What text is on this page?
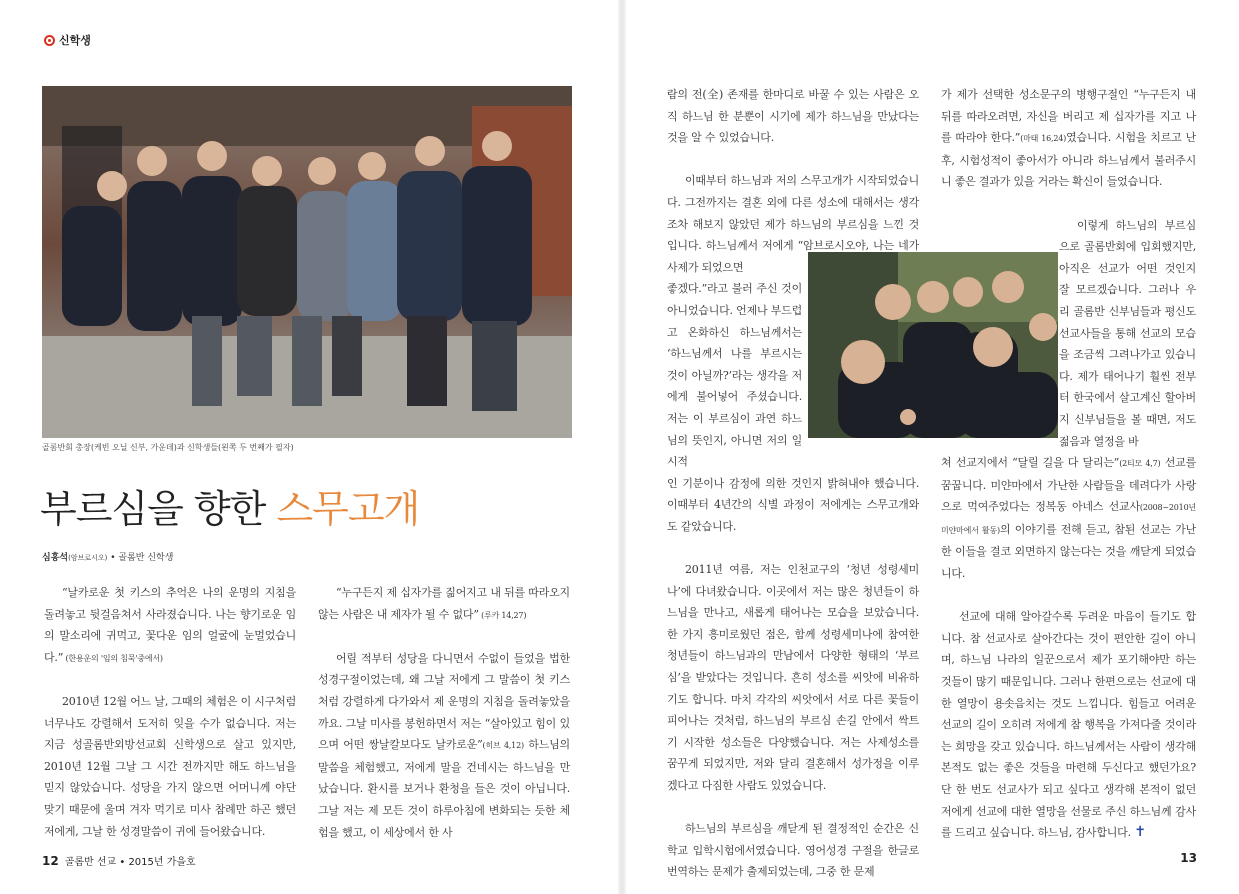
신학생
골롬반회 총장(케빈 오닐 신부, 가운데)과 신학생들(왼쪽 두 번째가 필자)
부르심을 향한 스무고개
심홍석(암브로시오) • 골롬반 신학생

“날카로운 첫 키스의 추억은 나의 운명의 지침을 돌려놓고 뒷걸음쳐서 사라졌습니다. 나는 향기로운 임의 말소리에 귀먹고, 꽃다운 임의 얼굴에 눈멀었습니다.” (한용운의 '임의 침묵'중에서)

2010년 12월 어느 날, 그때의 체험은 이 시구처럼 너무나도 강렬해서 도저히 잊을 수가 없습니다. 저는 지금 성골롬반외방선교회 신학생으로 살고 있지만, 2010년 12월 그날 그 시간 전까지만 해도 하느님을 믿지 않았습니다. 성당을 가지 않으면 어머니께 야단맞기 때문에 울며 겨자 먹기로 미사 참례만 하곤 했던 저에게, 그날 한 성경말씀이 귀에 들어왔습니다.

“누구든지 제 십자가를 짊어지고 내 뒤를 따라오지 않는 사람은 내 제자가 될 수 없다” (루카 14,27)

어릴 적부터 성당을 다니면서 수없이 들었을 법한 성경구절이었는데, 왜 그날 저에게 그 말씀이 첫 키스처럼 강렬하게 다가와서 제 운명의 지침을 돌려놓았을까요. 그날 미사를 봉헌하면서 저는 “살아있고 힘이 있으며 어떤 쌍날칼보다도 날카로운”(히브 4,12) 하느님의 말씀을 체험했고, 저에게 말을 건네시는 하느님을 만났습니다. 환시를 보거나 환청을 들은 것이 아닙니다. 그날 저는 제 모든 것이 하루아침에 변화되는 듯한 체험을 했고, 이 세상에서 한 사

람의 전(全) 존재를 한마디로 바꿀 수 있는 사람은 오직 하느님 한 분뿐이 시기에 제가 하느님을 만났다는 것을 알 수 있었습니다.

이때부터 하느님과 저의 스무고개가 시작되었습니다. 그전까지는 결혼 외에 다른 성소에 대해서는 생각조차 해보지 않았던 제가 하느님의 부르심을 느낀 것입니다. 하느님께서 저에게 “암브로시오야, 나는 네가 사제가 되었으면

좋겠다.”라고 불러 주신 것이 아니었습니다. 언제나 부드럽고 온화하신 하느님께서는 ‘하느님께서 나를 부르시는 것이 아닐까?’라는 생각을 저에게 불어넣어 주셨습니다. 저는 이 부르심이 과연 하느님의 뜻인지, 아니면 저의 일시적

인 기분이나 감정에 의한 것인지 밝혀내야 했습니다. 이때부터 4년간의 식별 과정이 저에게는 스무고개와도 같았습니다.

2011년 여름, 저는 인천교구의 ‘청년 성령세미나’에 다녀왔습니다. 이곳에서 저는 많은 청년들이 하느님을 만나고, 새롭게 태어나는 모습을 보았습니다. 한 가지 흥미로웠던 점은, 함께 성령세미나에 참여한 청년들이 하느님과의 만남에서 다양한 형태의 ‘부르심’을 받았다는 것입니다. 흔히 성소를 씨앗에 비유하기도 합니다. 마치 각각의 씨앗에서 서로 다른 꽃들이 피어나는 것처럼, 하느님의 부르심 손길 안에서 싹트기 시작한 성소들은 다양했습니다. 저는 사제성소를 꿈꾸게 되었지만, 저와 달리 결혼해서 성가정을 이루겠다고 다짐한 사람도 있었습니다.

하느님의 부르심을 깨닫게 된 결정적인 순간은 신학교 입학시험에서였습니다. 영어성경 구절을 한글로 번역하는 문제가 출제되었는데, 그중 한 문제

가 제가 선택한 성소문구의 병행구절인 “누구든지 내 뒤를 따라오려면, 자신을 버리고 제 십자가를 지고 나를 따라야 한다.”(마태 16,24)였습니다. 시험을 치르고 난 후, 시험성적이 좋아서가 아니라 하느님께서 불러주시니 좋은 결과가 있을 거라는 확신이 들었습니다.

이렇게 하느님의 부르심으로 골롬반회에 입회했지만, 아직은 선교가 어떤 것인지 잘 모르겠습니다. 그러나 우리 골롬반 신부님들과 평신도 선교사들을 통해 선교의 모습을 조금씩 그려나가고 있습니다. 제가 태어나기 훨씬 전부터 한국에서 살고계신 할아버지 신부님들을 볼 때면, 저도 젊음과 열정을 바

쳐 선교지에서 “달릴 길을 다 달리는”(2티모 4,7) 선교를 꿈꿉니다. 미얀마에서 가난한 사람들을 데려다가 사랑으로 먹여주었다는 정복동 아네스 선교사(2008~2010년 미얀마에서 활동)의 이야기를 전해 듣고, 참된 선교는 가난한 이들을 결코 외면하지 않는다는 것을 깨닫게 되었습니다.

선교에 대해 알아갈수록 두려운 마음이 들기도 합니다. 참 선교사로 살아간다는 것이 편안한 길이 아니며, 하느님 나라의 일꾼으로서 제가 포기해야만 하는 것들이 많기 때문입니다. 그러나 한편으로는 선교에 대한 열망이 용솟음치는 것도 느낍니다. 힘들고 어려운 선교의 길이 오히려 저에게 참 행복을 가져다줄 것이라는 희망을 갖고 있습니다. 하느님께서는 사람이 생각해 본적도 없는 좋은 것들을 마련해 두신다고 했던가요? 단 한 번도 선교사가 되고 싶다고 생각해 본적이 없던 저에게 선교에 대한 열망을 선물로 주신 하느님께 감사를 드리고 싶습니다. 하느님, 감사합니다. ✝

12 골롬반 선교 • 2015년 가을호	13
